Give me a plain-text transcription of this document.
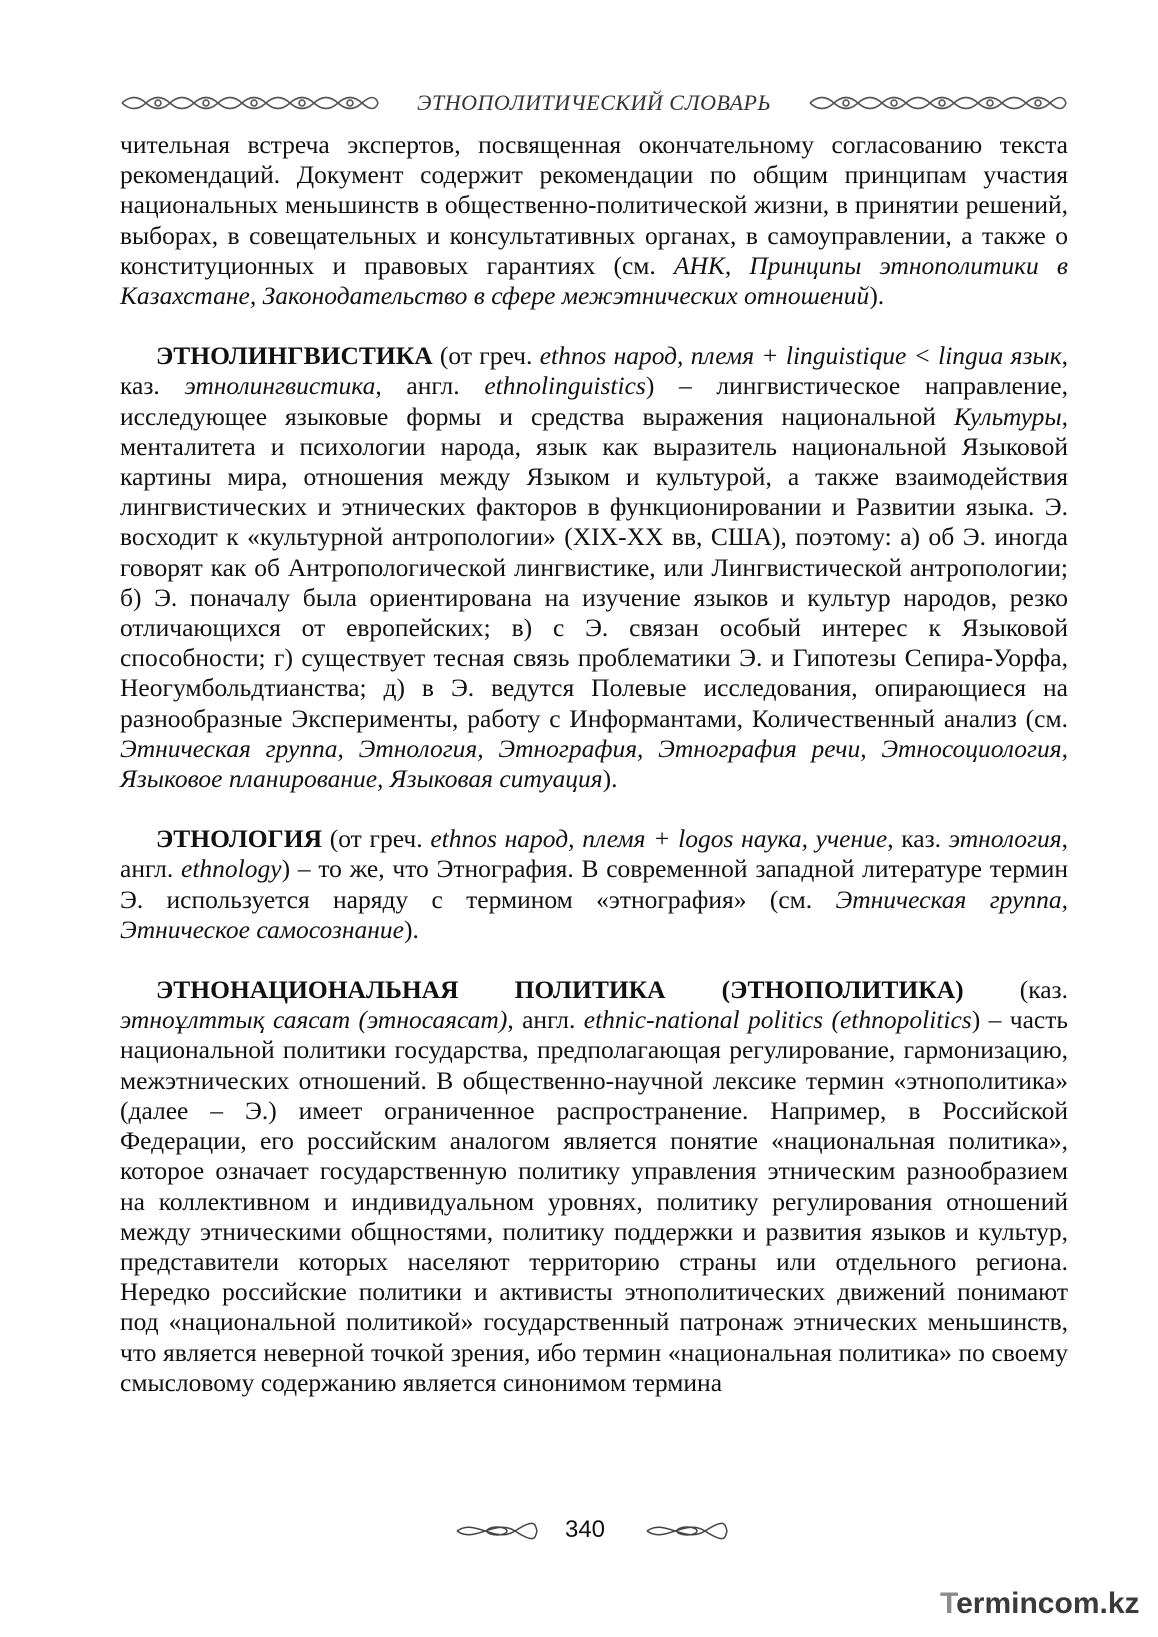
ЭТНОПОЛИТИЧЕСКИЙ СЛОВАРЬ

чительная встреча экспертов, посвященная окончательному согласованию текста рекомендаций. Документ содержит рекомендации по общим принципам участия национальных меньшинств в общественно-политической жизни, в принятии решений, выборах, в совещательных и консультативных органах, в самоуправлении, а также о конституционных и правовых гарантиях (см. АНК, Принципы этнополитики в Казахстане, Законодательство в сфере межэтнических отношений).

ЭТНОЛИНГВИСТИКА (от греч. ethnos народ, племя + linguistique < lingua язык, каз. этнолингвистика, англ. ethnolinguistics) – лингвистическое направление, исследующее языковые формы и средства выражения национальной Культуры, менталитета и психологии народа, язык как выразитель национальной Языковой картины мира, отношения между Языком и культурой, а также взаимодействия лингвистических и этнических факторов в функционировании и Развитии языка. Э. восходит к «культурной антропологии» (XIX-XX вв, США), поэтому: а) об Э. иногда говорят как об Антропологической лингвистике, или Лингвистической антропологии; б) Э. поначалу была ориентирована на изучение языков и культур народов, резко отличающихся от европейских; в) с Э. связан особый интерес к Языковой способности; г) существует тесная связь проблематики Э. и Гипотезы Сепира-Уорфа, Неогумбольдтианства; д) в Э. ведутся Полевые исследования, опирающиеся на разнообразные Эксперименты, работу с Информантами, Количественный анализ (см. Этническая группа, Этнология, Этнография, Этнография речи, Этносоциология, Языковое планирование, Языковая ситуация).

ЭТНОЛОГИЯ (от греч. ethnos народ, племя + logos наука, учение, каз. этнология, англ. ethnology) – то же, что Этнография. В современной западной литературе термин Э. используется наряду с термином «этнография» (см. Этническая группа, Этническое самосознание).

ЭТНОНАЦИОНАЛЬНАЯ ПОЛИТИКА (ЭТНОПОЛИТИКА) (каз. этноұлттық саясат (этносаясат), англ. ethnic-national politics (ethnopolitics) – часть национальной политики государства, предполагающая регулирование, гармонизацию, межэтнических отношений. В общественно-научной лексике термин «этнополитика» (далее – Э.) имеет ограниченное распространение. Например, в Российской Федерации, его российским аналогом является понятие «национальная политика», которое означает государственную политику управления этническим разнообразием на коллективном и индивидуальном уровнях, политику регулирования отношений между этническими общностями, политику поддержки и развития языков и культур, представители которых населяют территорию страны или отдельного региона. Нередко российские политики и активисты этнополитических движений понимают под «национальной политикой» государственный патронаж этнических меньшинств, что является неверной точкой зрения, ибо термин «национальная политика» по своему смысловому содержанию является синонимом термина

340
Termincom.kz
